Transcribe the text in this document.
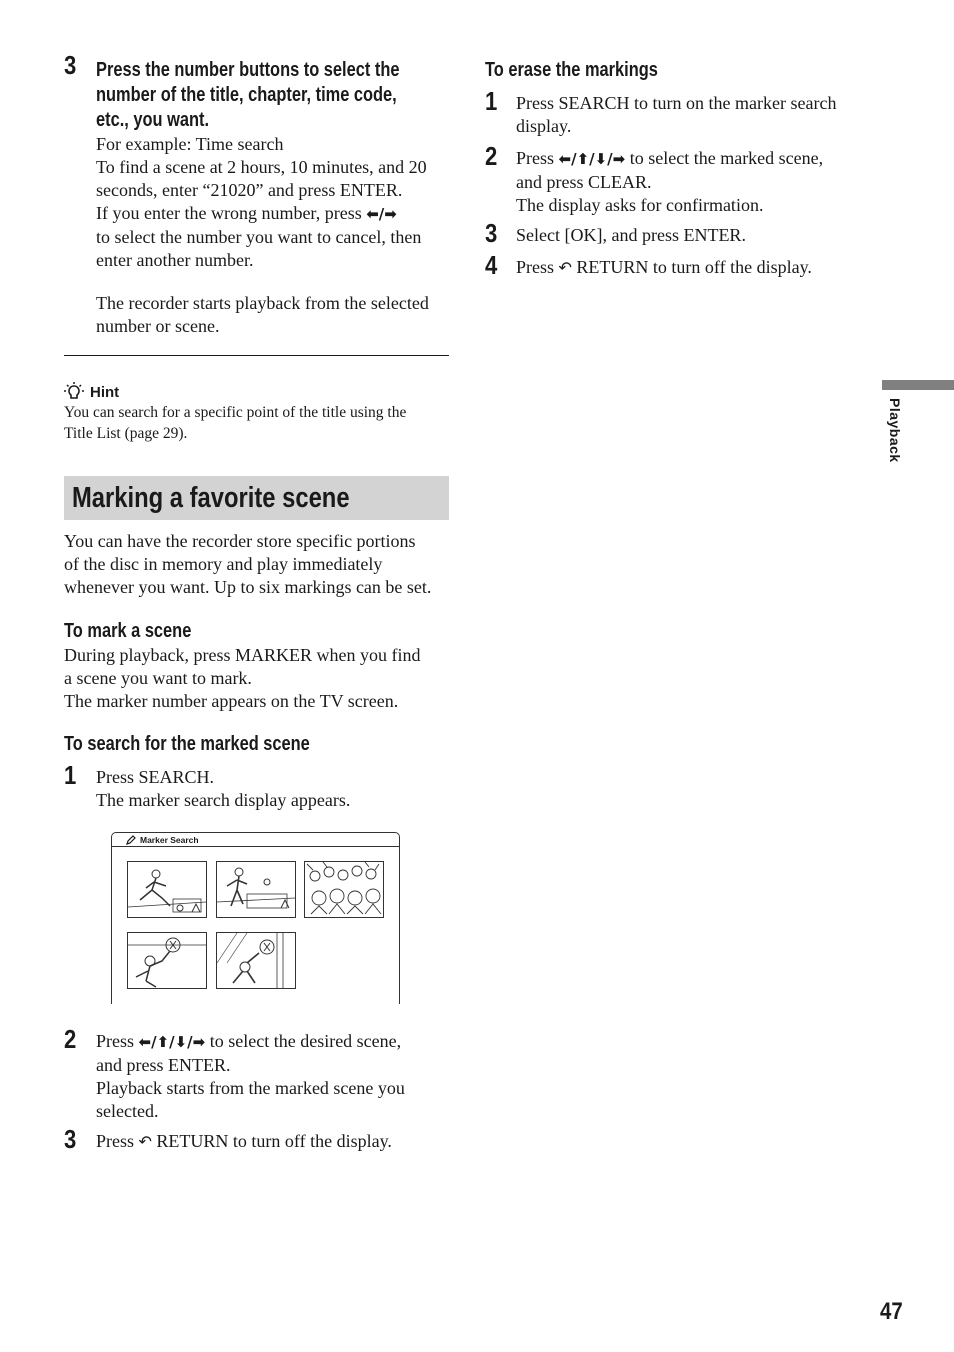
3 Press the number buttons to select the
number of the title, chapter, time code,
etc., you want.
For example: Time search
To find a scene at 2 hours, 10 minutes, and 20
seconds, enter “21020” and press ENTER.
If you enter the wrong number, press ⬅/➡
to select the number you want to cancel, then
enter another number.
The recorder starts playback from the selected
number or scene.
Hint
You can search for a specific point of the title using the
Title List (page 29).
Marking a favorite scene
You can have the recorder store specific portions
of the disc in memory and play immediately
whenever you want. Up to six markings can be set.
To mark a scene
During playback, press MARKER when you find
a scene you want to mark.
The marker number appears on the TV screen.
To search for the marked scene
1 Press SEARCH.
The marker search display appears.
Marker Search
2 Press ⬅/⬆/⬇/➡ to select the desired scene,
and press ENTER.
Playback starts from the marked scene you
selected.
3 Press ↶ RETURN to turn off the display.
To erase the markings
1 Press SEARCH to turn on the marker search
display.
2 Press ⬅/⬆/⬇/➡ to select the marked scene,
and press CLEAR.
The display asks for confirmation.
3 Select [OK], and press ENTER.
4 Press ↶ RETURN to turn off the display.
Playback
47
